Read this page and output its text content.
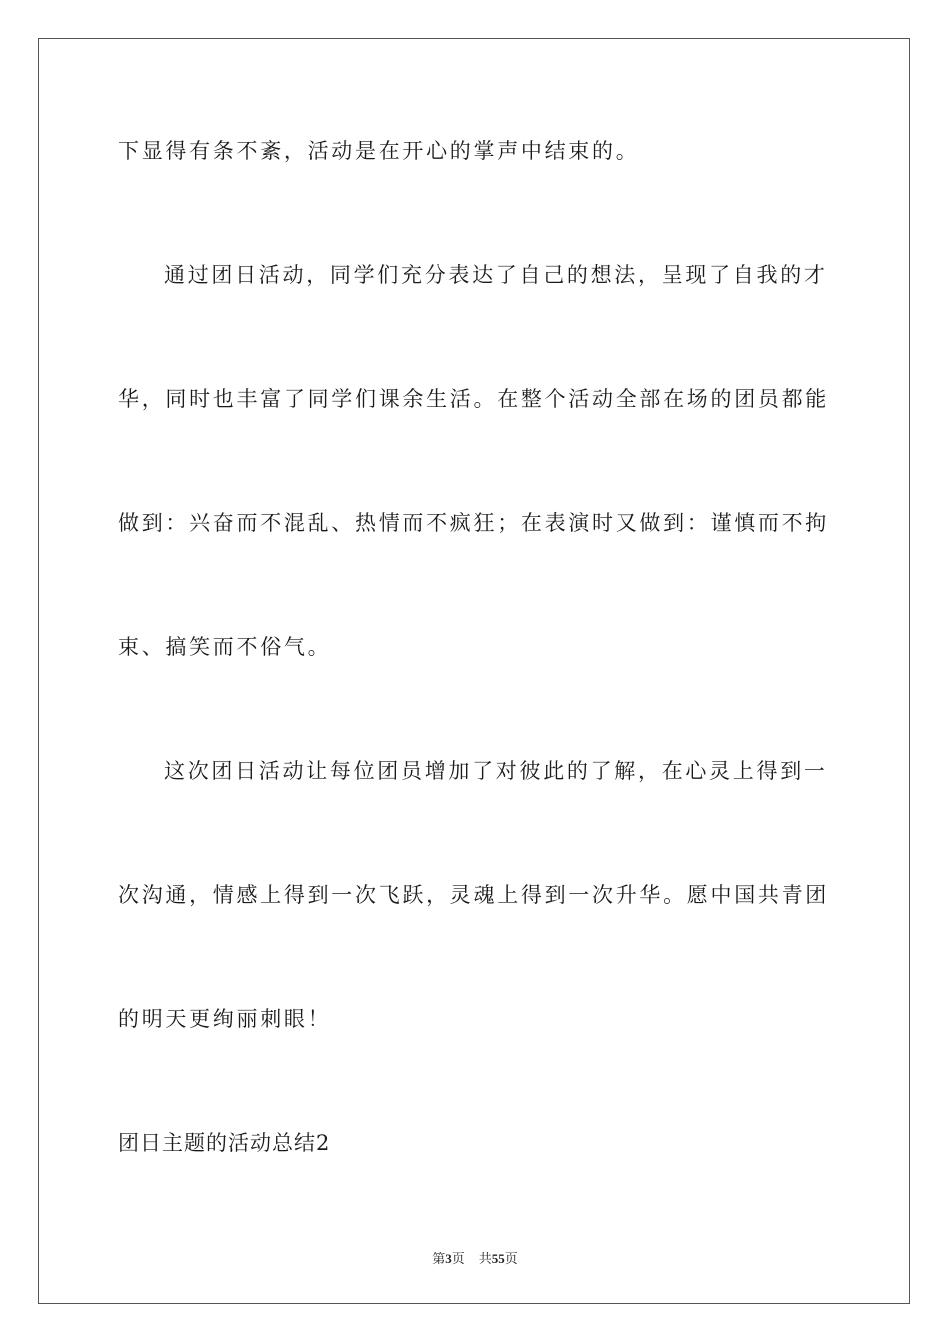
下显得有条不紊，活动是在开心的掌声中结束的。
通过团日活动，同学们充分表达了自己的想法，呈现了自我的才
华，同时也丰富了同学们课余生活。在整个活动全部在场的团员都能
做到：兴奋而不混乱、热情而不疯狂；在表演时又做到：谨慎而不拘
束、搞笑而不俗气。
这次团日活动让每位团员增加了对彼此的了解，在心灵上得到一
次沟通，情感上得到一次飞跃，灵魂上得到一次升华。愿中国共青团
的明天更绚丽刺眼！
团日主题的活动总结2
第3页 共55页
